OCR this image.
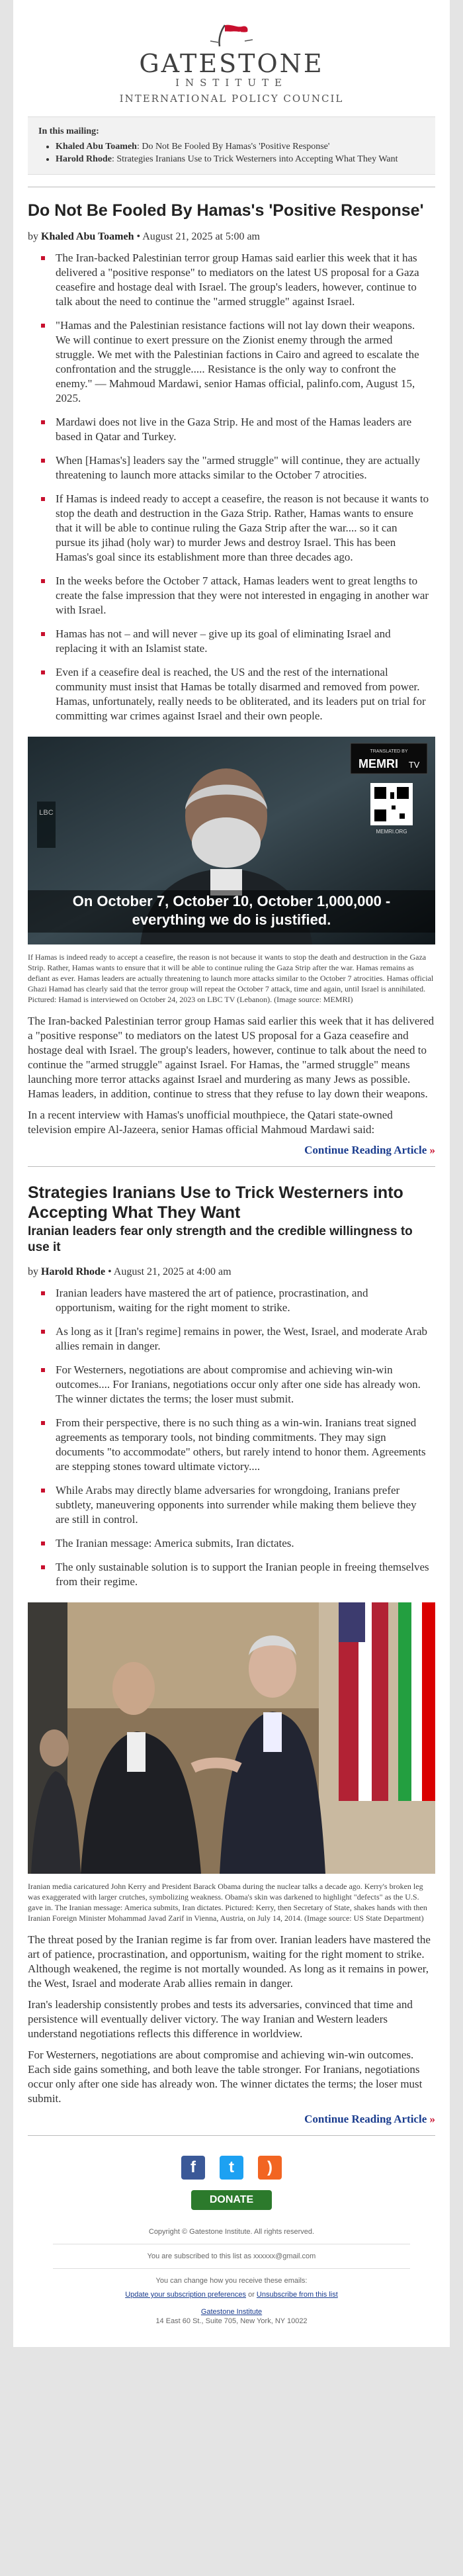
GATESTONE
INSTITUTE
INTERNATIONAL POLICY COUNCIL
In this mailing:
• Khaled Abu Toameh: Do Not Be Fooled By Hamas's 'Positive Response'
• Harold Rhode: Strategies Iranians Use to Trick Westerners into Accepting What They Want
Do Not Be Fooled By Hamas's 'Positive Response'
by Khaled Abu Toameh • August 21, 2025 at 5:00 am
The Iran-backed Palestinian terror group Hamas said earlier this week that it has delivered a "positive response" to mediators on the latest US proposal for a Gaza ceasefire and hostage deal with Israel. The group's leaders, however, continue to talk about the need to continue the "armed struggle" against Israel.
"Hamas and the Palestinian resistance factions will not lay down their weapons. We will continue to exert pressure on the Zionist enemy through the armed struggle. We met with the Palestinian factions in Cairo and agreed to escalate the confrontation and the struggle..... Resistance is the only way to confront the enemy." — Mahmoud Mardawi, senior Hamas official, palinfo.com, August 15, 2025.
Mardawi does not live in the Gaza Strip. He and most of the Hamas leaders are based in Qatar and Turkey.
When [Hamas's] leaders say the "armed struggle" will continue, they are actually threatening to launch more attacks similar to the October 7 atrocities.
If Hamas is indeed ready to accept a ceasefire, the reason is not because it wants to stop the death and destruction in the Gaza Strip. Rather, Hamas wants to ensure that it will be able to continue ruling the Gaza Strip after the war.... so it can pursue its jihad (holy war) to murder Jews and destroy Israel. This has been Hamas's goal since its establishment more than three decades ago.
In the weeks before the October 7 attack, Hamas leaders went to great lengths to create the false impression that they were not interested in engaging in another war with Israel.
Hamas has not – and will never – give up its goal of eliminating Israel and replacing it with an Islamist state.
Even if a ceasefire deal is reached, the US and the rest of the international community must insist that Hamas be totally disarmed and removed from power. Hamas, unfortunately, really needs to be obliterated, and its leaders put on trial for committing war crimes against Israel and their own people.
LBC
TRANSLATED BY
MEMRI TV
MEMRI.ORG
On October 7, October 10, October 1,000,000 -
everything we do is justified.
If Hamas is indeed ready to accept a ceasefire, the reason is not because it wants to stop the death and destruction in the Gaza Strip. Rather, Hamas wants to ensure that it will be able to continue ruling the Gaza Strip after the war. Hamas remains as defiant as ever. Hamas leaders are actually threatening to launch more attacks similar to the October 7 atrocities. Hamas official Ghazi Hamad has clearly said that the terror group will repeat the October 7 attack, time and again, until Israel is annihilated. Pictured: Hamad is interviewed on October 24, 2023 on LBC TV (Lebanon). (Image source: MEMRI)
The Iran-backed Palestinian terror group Hamas said earlier this week that it has delivered a "positive response" to mediators on the latest US proposal for a Gaza ceasefire and hostage deal with Israel. The group's leaders, however, continue to talk about the need to continue the "armed struggle" against Israel. For Hamas, the "armed struggle" means launching more terror attacks against Israel and murdering as many Jews as possible. Hamas leaders, in addition, continue to stress that they refuse to lay down their weapons.
In a recent interview with Hamas's unofficial mouthpiece, the Qatari state-owned television empire Al-Jazeera, senior Hamas official Mahmoud Mardawi said:
Continue Reading Article »
Strategies Iranians Use to Trick Westerners into Accepting What They Want
Iranian leaders fear only strength and the credible willingness to use it
by Harold Rhode • August 21, 2025 at 4:00 am
Iranian leaders have mastered the art of patience, procrastination, and opportunism, waiting for the right moment to strike.
As long as it [Iran's regime] remains in power, the West, Israel, and moderate Arab allies remain in danger.
For Westerners, negotiations are about compromise and achieving win-win outcomes.... For Iranians, negotiations occur only after one side has already won. The winner dictates the terms; the loser must submit.
From their perspective, there is no such thing as a win-win. Iranians treat signed agreements as temporary tools, not binding commitments. They may sign documents "to accommodate" others, but rarely intend to honor them. Agreements are stepping stones toward ultimate victory....
While Arabs may directly blame adversaries for wrongdoing, Iranians prefer subtlety, maneuvering opponents into surrender while making them believe they are still in control.
The Iranian message: America submits, Iran dictates.
The only sustainable solution is to support the Iranian people in freeing themselves from their regime.
Iranian media caricatured John Kerry and President Barack Obama during the nuclear talks a decade ago. Kerry's broken leg was exaggerated with larger crutches, symbolizing weakness. Obama's skin was darkened to highlight "defects" as the U.S. gave in. The Iranian message: America submits, Iran dictates. Pictured: Kerry, then Secretary of State, shakes hands with then Iranian Foreign Minister Mohammad Javad Zarif in Vienna, Austria, on July 14, 2014. (Image source: US State Department)
The threat posed by the Iranian regime is far from over. Iranian leaders have mastered the art of patience, procrastination, and opportunism, waiting for the right moment to strike. Although weakened, the regime is not mortally wounded. As long as it remains in power, the West, Israel and moderate Arab allies remain in danger.
Iran's leadership consistently probes and tests its adversaries, convinced that time and persistence will eventually deliver victory. The way Iranian and Western leaders understand negotiations reflects this difference in worldview.
For Westerners, negotiations are about compromise and achieving win-win outcomes. Each side gains something, and both leave the table stronger. For Iranians, negotiations occur only after one side has already won. The winner dictates the terms; the loser must submit.
Continue Reading Article »
f t )
DONATE
Copyright © Gatestone Institute. All rights reserved.
You are subscribed to this list as xxxxxx@gmail.com
You can change how you receive these emails:
Update your subscription preferences or Unsubscribe from this list
Gatestone Institute
14 East 60 St., Suite 705, New York, NY 10022
